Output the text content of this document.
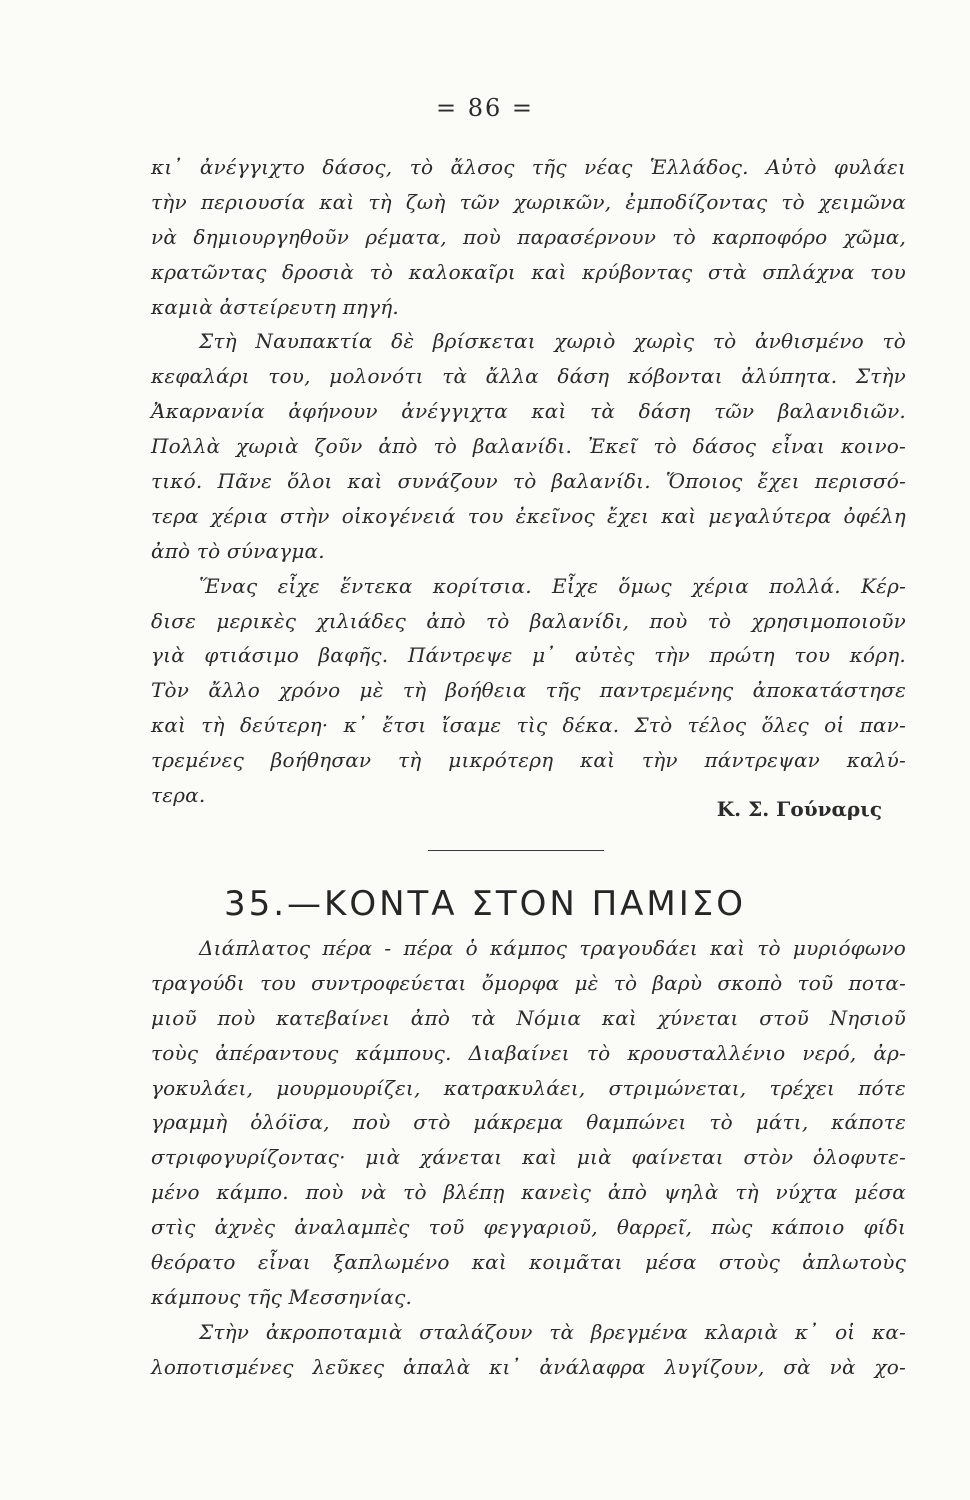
= 86 =
κι᾽ ἀνέγγιχτο δάσος, τὸ ἄλσος τῆς νέας Ἑλλάδος. Αὐτὸ φυλάει
τὴν περιουσία καὶ τὴ ζωὴ τῶν χωρικῶν, ἐμποδίζοντας τὸ χειμῶνα
νὰ δημιουργηθοῦν ρέματα, ποὺ παρασέρνουν τὸ καρποφόρο χῶμα,
κρατῶντας δροσιὰ τὸ καλοκαῖρι καὶ κρύβοντας στὰ σπλάχνα του
καμιὰ ἀστείρευτη πηγή.
Στὴ Ναυπακτία δὲ βρίσκεται χωριὸ χωρὶς τὸ ἀνθισμένο τὸ
κεφαλάρι του, μολονότι τὰ ἄλλα δάση κόβονται ἀλύπητα. Στὴν
Ἀκαρνανία ἀφήνουν ἀνέγγιχτα καὶ τὰ δάση τῶν βαλανιδιῶν.
Πολλὰ χωριὰ ζοῦν ἀπὸ τὸ βαλανίδι. Ἐκεῖ τὸ δάσος εἶναι κοινο-
τικό. Πᾶνε ὅλοι καὶ συνάζουν τὸ βαλανίδι. Ὅποιος ἔχει περισσό-
τερα χέρια στὴν οἰκογένειά του ἐκεῖνος ἔχει καὶ μεγαλύτερα ὀφέλη
ἀπὸ τὸ σύναγμα.
Ἕνας εἶχε ἕντεκα κορίτσια. Εἶχε ὅμως χέρια πολλά. Κέρ-
δισε μερικὲς χιλιάδες ἀπὸ τὸ βαλανίδι, ποὺ τὸ χρησιμοποιοῦν
γιὰ φτιάσιμο βαφῆς. Πάντρεψε μ᾽ αὐτὲς τὴν πρώτη του κόρη.
Τὸν ἄλλο χρόνο μὲ τὴ βοήθεια τῆς παντρεμένης ἀποκατάστησε
καὶ τὴ δεύτερη· κ᾽ ἔτσι ἴσαμε τὶς δέκα. Στὸ τέλος ὅλες οἱ παν-
τρεμένες βοήθησαν τὴ μικρότερη καὶ τὴν πάντρεψαν καλύ-
τερα.
Κ. Σ. Γούναρις
35.—ΚΟΝΤΑ ΣΤΟΝ ΠΑΜΙΣΟ
Διάπλατος πέρα - πέρα ὁ κάμπος τραγουδάει καὶ τὸ μυριόφωνο
τραγούδι του συντροφεύεται ὄμορφα μὲ τὸ βαρὺ σκοπὸ τοῦ ποτα-
μιοῦ ποὺ κατεβαίνει ἀπὸ τὰ Νόμια καὶ χύνεται στοῦ Νησιοῦ
τοὺς ἀπέραντους κάμπους. Διαβαίνει τὸ κρουσταλλένιο νερό, ἀρ-
γοκυλάει, μουρμουρίζει, κατρακυλάει, στριμώνεται, τρέχει πότε
γραμμὴ ὁλόϊσα, ποὺ στὸ μάκρεμα θαμπώνει τὸ μάτι, κάποτε
στριφογυρίζοντας· μιὰ χάνεται καὶ μιὰ φαίνεται στὸν ὁλοφυτε-
μένο κάμπο. ποὺ νὰ τὸ βλέπῃ κανεὶς ἀπὸ ψηλὰ τὴ νύχτα μέσα
στὶς ἀχνὲς ἀναλαμπὲς τοῦ φεγγαριοῦ, θαρρεῖ, πὼς κάποιο φίδι
θεόρατο εἶναι ξαπλωμένο καὶ κοιμᾶται μέσα στοὺς ἁπλωτοὺς
κάμπους τῆς Μεσσηνίας.
Στὴν ἀκροποταμιὰ σταλάζουν τὰ βρεγμένα κλαριὰ κ᾽ οἱ κα-
λοποτισμένες λεῦκες ἁπαλὰ κι᾽ ἀνάλαφρα λυγίζουν, σὰ νὰ χο-
